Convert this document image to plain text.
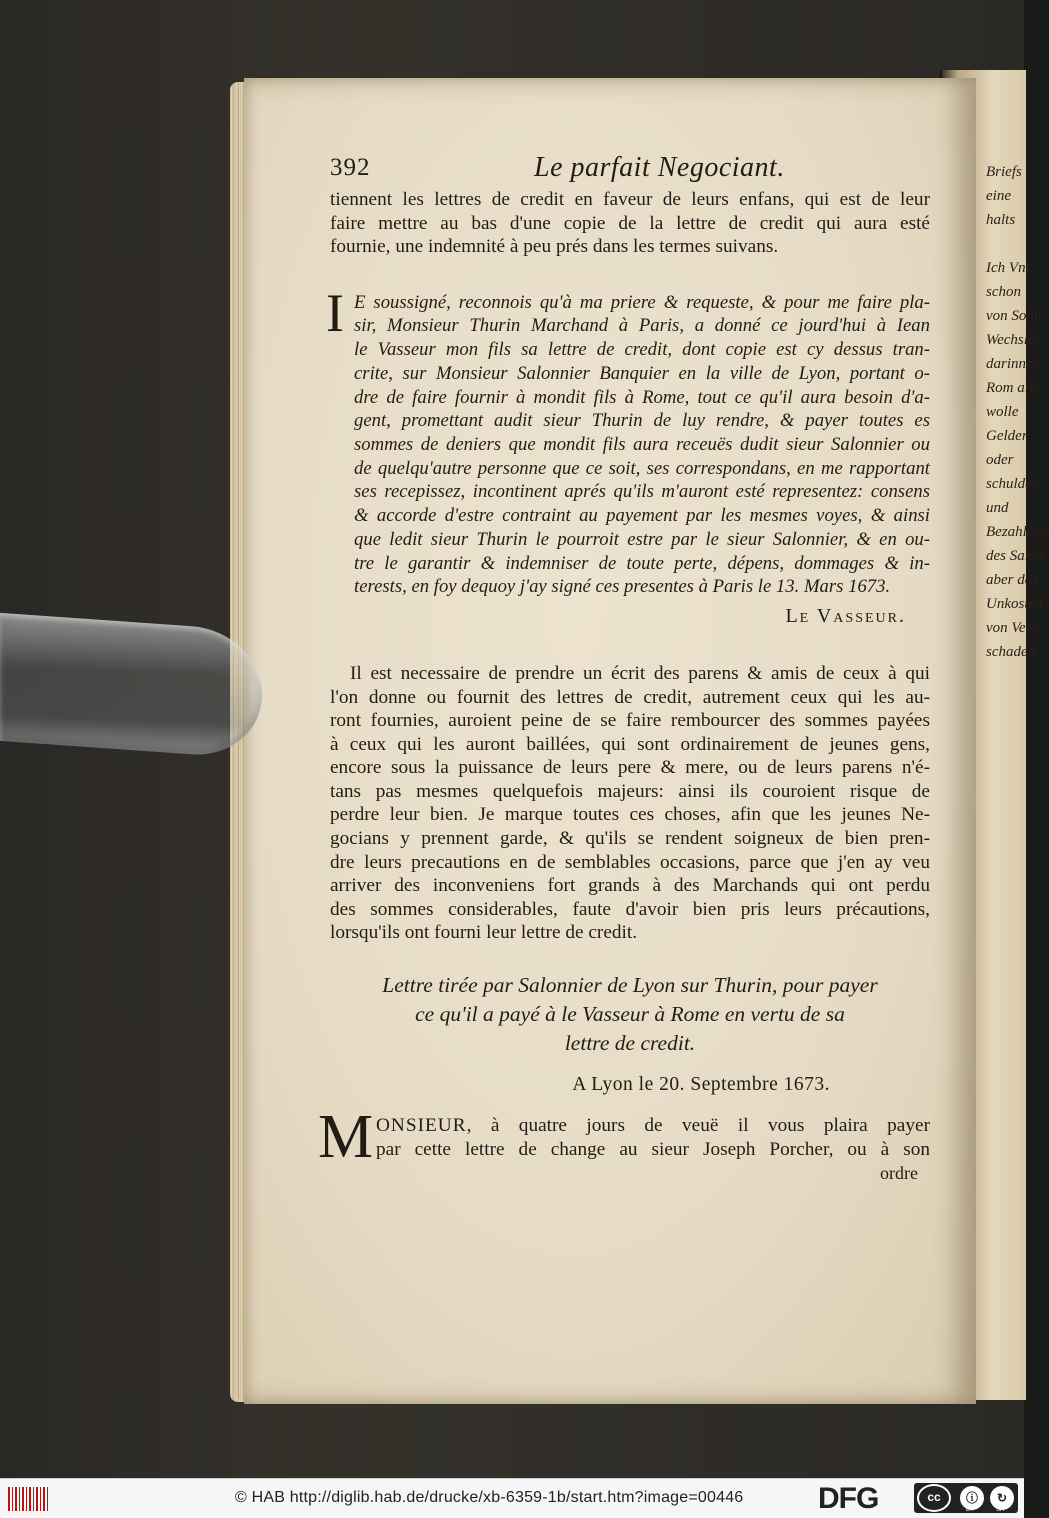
Briefs
eine
halts

Ich Vnt
schon
von Sohn
Wechsler
darinnen
Rom alle
wolle
Gelder
oder
schulden
und
Bezahlung
des Salon
aber das
Unkosten
von Versc
schaden
392	Le parfait Negociant.
tiennent les lettres de credit en faveur de leurs enfans, qui est de leur
faire mettre au bas d'une copie de la lettre de credit qui aura esté
fournie, une indemnité à peu prés dans les termes suivans.
I E soussigné, reconnois qu'à ma priere & requeste, & pour me faire pla-
sir, Monsieur Thurin Marchand à Paris, a donné ce jourd'hui à Iean
le Vasseur mon fils sa lettre de credit, dont copie est cy dessus tran-
crite, sur Monsieur Salonnier Banquier en la ville de Lyon, portant o-
dre de faire fournir à mondit fils à Rome, tout ce qu'il aura besoin d'a-
gent, promettant audit sieur Thurin de luy rendre, & payer toutes es
sommes de deniers que mondit fils aura receuës dudit sieur Salonnier ou
de quelqu'autre personne que ce soit, ses correspondans, en me rapportant
ses recepissez, incontinent aprés qu'ils m'auront esté representez: consens
& accorde d'estre contraint au payement par les mesmes voyes, & ainsi
que ledit sieur Thurin le pourroit estre par le sieur Salonnier, & en ou-
tre le garantir & indemniser de toute perte, dépens, dommages & in-
terests, en foy dequoy j'ay signé ces presentes à Paris le 13. Mars 1673.
Le Vasseur.
Il est necessaire de prendre un écrit des parens & amis de ceux à qui
l'on donne ou fournit des lettres de credit, autrement ceux qui les au-
ront fournies, auroient peine de se faire rembourcer des sommes payées
à ceux qui les auront baillées, qui sont ordinairement de jeunes gens,
encore sous la puissance de leurs pere & mere, ou de leurs parens n'é-
tans pas mesmes quelquefois majeurs: ainsi ils couroient risque de
perdre leur bien. Je marque toutes ces choses, afin que les jeunes Ne-
gocians y prennent garde, & qu'ils se rendent soigneux de bien pren-
dre leurs precautions en de semblables occasions, parce que j'en ay veu
arriver des inconveniens fort grands à des Marchands qui ont perdu
des sommes considerables, faute d'avoir bien pris leurs précautions,
lorsqu'ils ont fourni leur lettre de credit.
Lettre tirée par Salonnier de Lyon sur Thurin, pour payer
ce qu'il a payé à le Vasseur à Rome en vertu de sa
lettre de credit.
A Lyon le 20. Septembre 1673.
M ONSIEUR, à quatre jours de veuë il vous plaira payer
par cette lettre de change au sieur Joseph Porcher, ou à son
ordre
© HAB http://diglib.hab.de/drucke/xb-6359-1b/start.htm?image=00446 DFG	cc	ⓘ	↻
BY	SA
